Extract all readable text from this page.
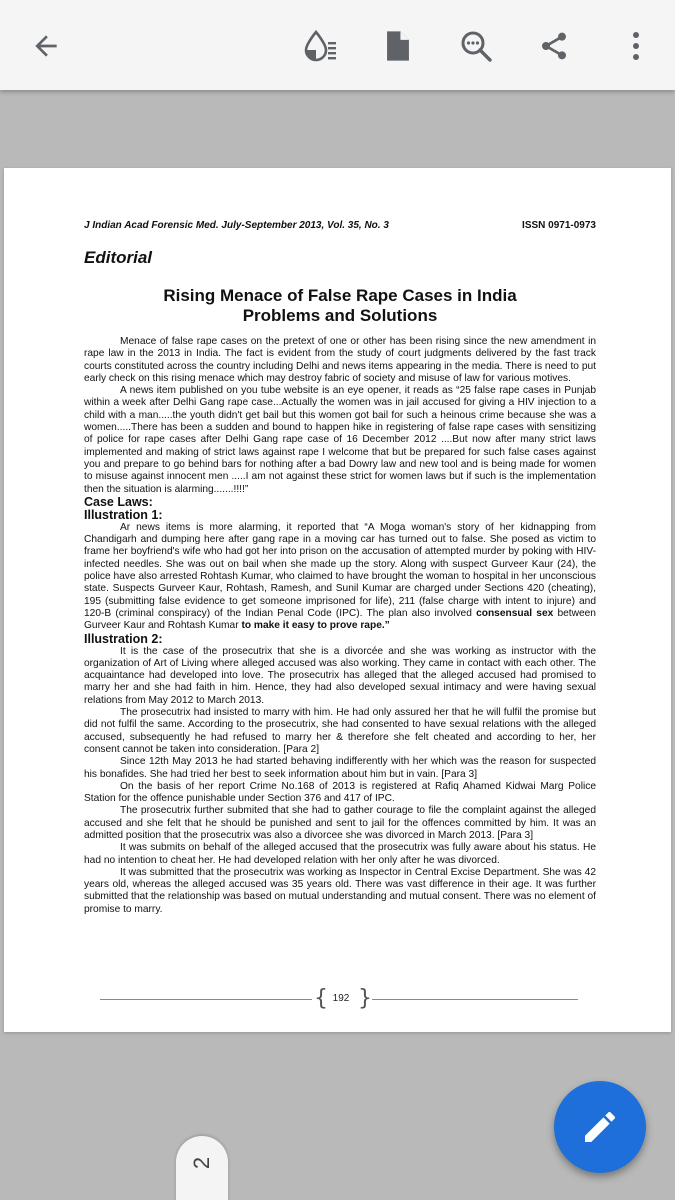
J Indian Acad Forensic Med. July-September 2013, Vol. 35, No. 3	ISSN 0971-0973
Editorial
Rising Menace of False Rape Cases in India
Problems and Solutions

Menace of false rape cases on the pretext of one or other has been rising since the new amendment in rape law in the 2013 in India. The fact is evident from the study of court judgments delivered by the fast track courts constituted across the country including Delhi and news items appearing in the media. There is need to put early check on this rising menace which may destroy fabric of society and misuse of law for various motives.

A news item published on you tube website is an eye opener, it reads as “25 false rape cases in Punjab within a week after Delhi Gang rape case...Actually the women was in jail accused for giving a HIV injection to a child with a man.....the youth didn't get bail but this women got bail for such a heinous crime because she was a women.....There has been a sudden and bound to happen hike in registering of false rape cases with sensitizing of police for rape cases after Delhi Gang rape case of 16 December 2012 ....But now after many strict laws implemented and making of strict laws against rape I welcome that but be prepared for such false cases against you and prepare to go behind bars for nothing after a bad Dowry law and new tool and is being made for women to misuse against innocent men .....I am not against these strict for women laws but if such is the implementation then the situation is alarming.......!!!!”

Case Laws:
Illustration 1:

Ar news items is more alarming, it reported that “A Moga woman's story of her kidnapping from Chandigarh and dumping here after gang rape in a moving car has turned out to false. She posed as victim to frame her boyfriend's wife who had got her into prison on the accusation of attempted murder by poking with HIV-infected needles. She was out on bail when she made up the story. Along with suspect Gurveer Kaur (24), the police have also arrested Rohtash Kumar, who claimed to have brought the woman to hospital in her unconscious state. Suspects Gurveer Kaur, Rohtash, Ramesh, and Sunil Kumar are charged under Sections 420 (cheating), 195 (submitting false evidence to get someone imprisoned for life), 211 (false charge with intent to injure) and 120-B (criminal conspiracy) of the Indian Penal Code (IPC). The plan also involved consensual sex between Gurveer Kaur and Rohtash Kumar to make it easy to prove rape.”

Illustration 2:

It is the case of the prosecutrix that she is a divorcée and she was working as instructor with the organization of Art of Living where alleged accused was also working. They came in contact with each other. The acquaintance had developed into love. The prosecutrix has alleged that the alleged accused had promised to marry her and she had faith in him. Hence, they had also developed sexual intimacy and were having sexual relations from May 2012 to March 2013.

The prosecutrix had insisted to marry with him. He had only assured her that he will fulfil the promise but did not fulfil the same. According to the prosecutrix, she had consented to have sexual relations with the alleged accused, subsequently he had refused to marry her & therefore she felt cheated and according to her, her consent cannot be taken into consideration. [Para 2]

Since 12th May 2013 he had started behaving indifferently with her which was the reason for suspected his bonafides. She had tried her best to seek information about him but in vain. [Para 3]

On the basis of her report Crime No.168 of 2013 is registered at Rafiq Ahamed Kidwai Marg Police Station for the offence punishable under Section 376 and 417 of IPC.

The prosecutrix further submited that she had to gather courage to file the complaint against the alleged accused and she felt that he should be punished and sent to jail for the offences committed by him. It was an admitted position that the prosecutrix was also a divorcee she was divorced in March 2013. [Para 3]

It was submits on behalf of the alleged accused that the prosecutrix was fully aware about his status. He had no intention to cheat her. He had developed relation with her only after he was divorced.

It was submitted that the prosecutrix was working as Inspector in Central Excise Department. She was 42 years old, whereas the alleged accused was 35 years old. There was vast difference in their age. It was further submitted that the relationship was based on mutual understanding and mutual consent. There was no element of promise to marry.

{ 192 }
2
